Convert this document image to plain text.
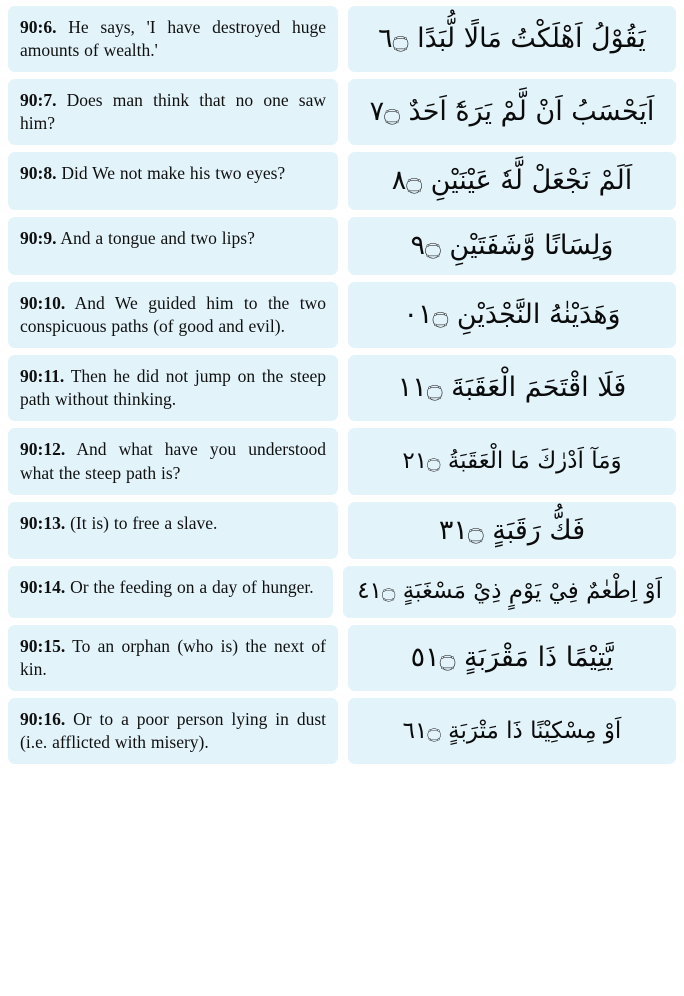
90:6. He says, 'I have destroyed huge amounts of wealth.'	يَقُوْلُ اَهْلَكْتُ مَالًا لُّبَدًا ۝٦
90:7. Does man think that no one saw him?	اَيَحْسَبُ اَنْ لَّمْ يَرَهٗٓ اَحَدٌ ۝٧
90:8. Did We not make his two eyes?	اَلَمْ نَجْعَلْ لَّهٗ عَيْنَيْنِ ۝٨
90:9. And a tongue and two lips?	وَلِسَانًا وَّشَفَتَيْنِ ۝٩
90:10. And We guided him to the two conspicuous paths (of good and evil).	وَهَدَيْنٰهُ النَّجْدَيْنِ ۝١٠
90:11. Then he did not jump on the steep path without thinking.	فَلَا اقْتَحَمَ الْعَقَبَةَ ۝١١
90:12. And what have you understood what the steep path is?	وَمَآ اَدْرٰكَ مَا الْعَقَبَةُ ۝١٢
90:13. (It is) to free a slave.	فَكُّ رَقَبَةٍ ۝١٣
90:14. Or the feeding on a day of hunger.	اَوْ اِطْعٰمٌ فِيْ يَوْمٍ ذِيْ مَسْغَبَةٍ ۝١٤
90:15. To an orphan (who is) the next of kin.	يَّتِيْمًا ذَا مَقْرَبَةٍ ۝١٥
90:16. Or to a poor person lying in dust (i.e. afflicted with misery).	اَوْ مِسْكِيْنًا ذَا مَتْرَبَةٍ ۝١٦
